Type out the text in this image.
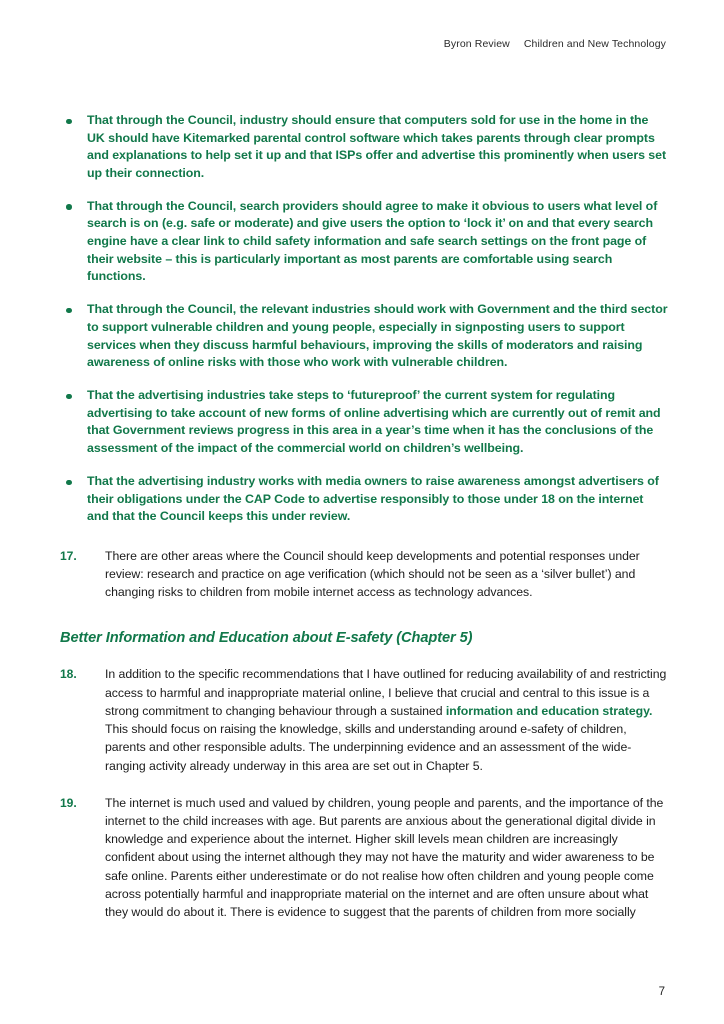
Byron Review Children and New Technology
That through the Council, industry should ensure that computers sold for use in the home in the UK should have Kitemarked parental control software which takes parents through clear prompts and explanations to help set it up and that ISPs offer and advertise this prominently when users set up their connection.
That through the Council, search providers should agree to make it obvious to users what level of search is on (e.g. safe or moderate) and give users the option to ‘lock it’ on and that every search engine have a clear link to child safety information and safe search settings on the front page of their website – this is particularly important as most parents are comfortable using search functions.
That through the Council, the relevant industries should work with Government and the third sector to support vulnerable children and young people, especially in signposting users to support services when they discuss harmful behaviours, improving the skills of moderators and raising awareness of online risks with those who work with vulnerable children.
That the advertising industries take steps to ‘futureproof’ the current system for regulating advertising to take account of new forms of online advertising which are currently out of remit and that Government reviews progress in this area in a year’s time when it has the conclusions of the assessment of the impact of the commercial world on children’s wellbeing.
That the advertising industry works with media owners to raise awareness amongst advertisers of their obligations under the CAP Code to advertise responsibly to those under 18 on the internet and that the Council keeps this under review.
17.	There are other areas where the Council should keep developments and potential responses under review: research and practice on age verification (which should not be seen as a ‘silver bullet’) and changing risks to children from mobile internet access as technology advances.
Better Information and Education about E-safety (Chapter 5)
18.	In addition to the specific recommendations that I have outlined for reducing availability of and restricting access to harmful and inappropriate material online, I believe that crucial and central to this issue is a strong commitment to changing behaviour through a sustained information and education strategy. This should focus on raising the knowledge, skills and understanding around e-safety of children, parents and other responsible adults. The underpinning evidence and an assessment of the wide-ranging activity already underway in this area are set out in Chapter 5.
19.	The internet is much used and valued by children, young people and parents, and the importance of the internet to the child increases with age. But parents are anxious about the generational digital divide in knowledge and experience about the internet. Higher skill levels mean children are increasingly confident about using the internet although they may not have the maturity and wider awareness to be safe online. Parents either underestimate or do not realise how often children and young people come across potentially harmful and inappropriate material on the internet and are often unsure about what they would do about it. There is evidence to suggest that the parents of children from more socially
7
